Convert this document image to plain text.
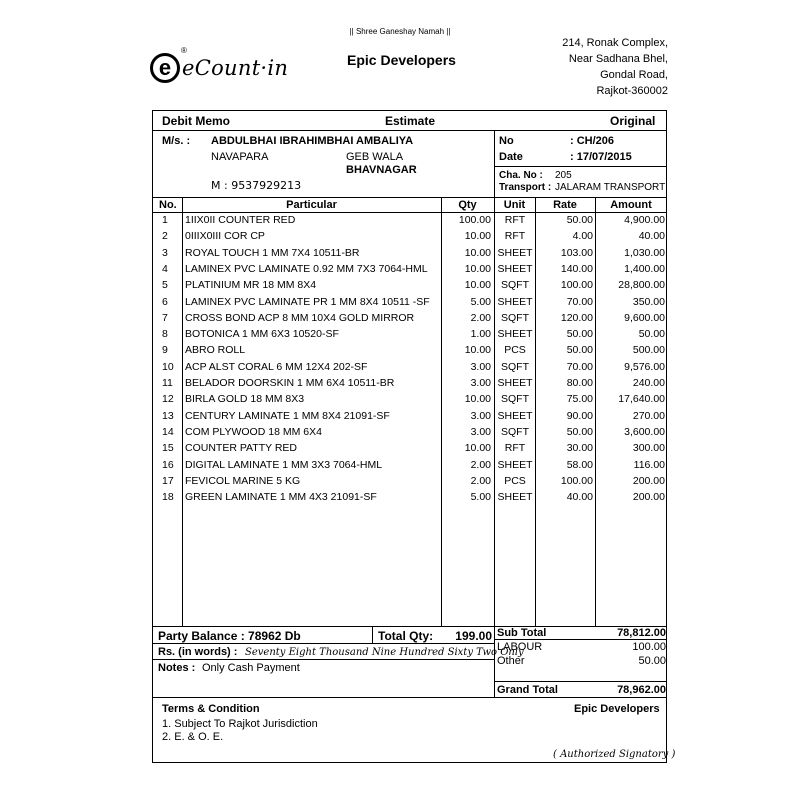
|| Shree Ganeshay Namah ||
e eCount·in
®
Epic Developers
214, Ronak Complex,
Near Sadhana Bhel,
Gondal Road,
Rajkot-360002
Debit Memo	Estimate	Original
M/s. : ABDULBHAI IBRAHIMBHAI AMBALIYA
NAVAPARA	GEB WALA
BHAVNAGAR
M : 9537929213
No	: CH/206
Date	: 17/07/2015
Cha. No : 205
Transport : JALARAM TRANSPORT
No.	Particular	Qty	Unit	Rate	Amount
1 1IIX0II COUNTER RED	100.00	RFT	50.00	4,900.00
2 0IIIX0III COR CP	10.00	RFT	4.00	40.00
3 ROYAL TOUCH 1 MM 7X4 10511-BR	10.00 SHEET	103.00	1,030.00
4 LAMINEX PVC LAMINATE 0.92 MM 7X3 7064-HML	10.00 SHEET	140.00	1,400.00
5 PLATINIUM MR 18 MM 8X4	10.00 SQFT	100.00 28,800.00
6 LAMINEX PVC LAMINATE PR 1 MM 8X4 10511 -SF	5.00 SHEET	70.00	350.00
7 CROSS BOND ACP 8 MM 10X4 GOLD MIRROR	2.00 SQFT	120.00	9,600.00
8 BOTONICA 1 MM 6X3 10520-SF	1.00 SHEET	50.00	50.00
9 ABRO ROLL	10.00	PCS	50.00	500.00
10 ACP ALST CORAL 6 MM 12X4 202-SF	3.00 SQFT	70.00	9,576.00
11 BELADOR DOORSKIN 1 MM 6X4 10511-BR	3.00 SHEET	80.00	240.00
12 BIRLA GOLD 18 MM 8X3	10.00 SQFT	75.00 17,640.00
13 CENTURY LAMINATE 1 MM 8X4 21091-SF	3.00 SHEET	90.00	270.00
14 COM PLYWOOD 18 MM 6X4	3.00 SQFT	50.00	3,600.00
15 COUNTER PATTY RED	10.00	RFT	30.00	300.00
16 DIGITAL LAMINATE 1 MM 3X3 7064-HML	2.00 SHEET	58.00	116.00
17 FEVICOL MARINE 5 KG	2.00	PCS	100.00	200.00
18 GREEN LAMINATE 1 MM 4X3 21091-SF	5.00 SHEET	40.00	200.00
Party Balance : 78962 Db	Total Qty:	199.00
Rs. (in words) : Seventy Eight Thousand Nine Hundred Sixty Two Only
Notes : Only Cash Payment
Sub Total	78,812.00
LABOUR	100.00
Other	50.00
Grand Total	78,962.00
Terms & Condition
1. Subject To Rajkot Jurisdiction
2. E. & O. E.
Epic Developers
( Authorized Signatory )
